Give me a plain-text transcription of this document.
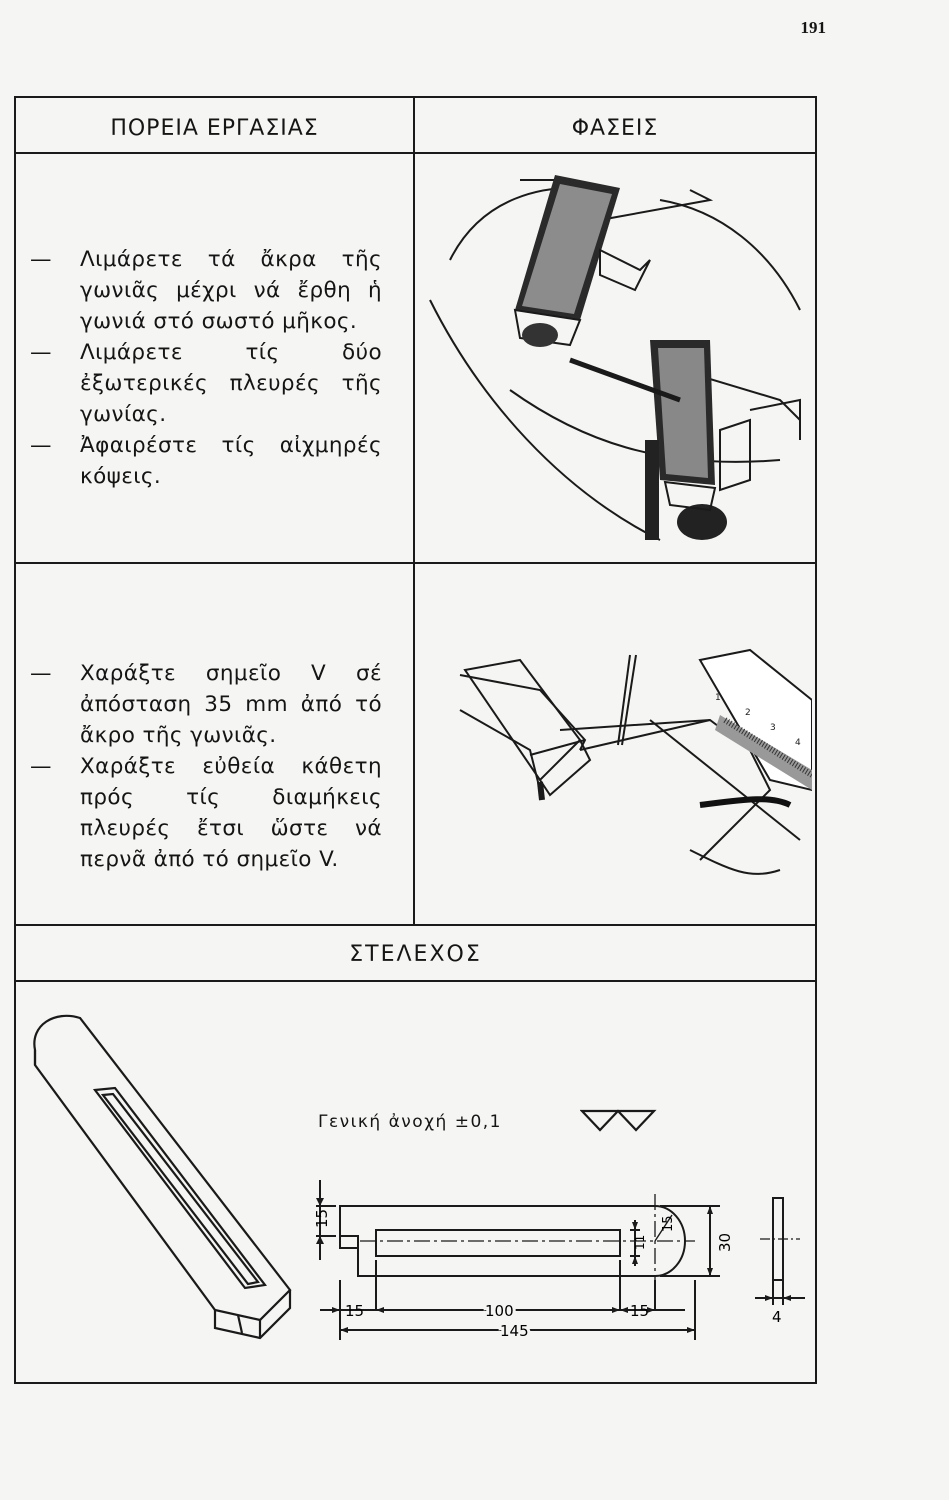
191
ΠΟΡΕΙΑ ΕΡΓΑΣΙΑΣ	ΦΑΣΕΙΣ
— Λιμάρετε τά ἄκρα τῆς γωνιᾶς μέχρι νά ἔρθη ἡ γωνιά στό σωστό μῆκος.
— Λιμάρετε τίς δύο ἐξωτερικές πλευρές τῆς γωνίας.
— Ἀφαιρέστε τίς αἰχμηρές κόψεις.
— Χαράξτε σημεῖο V σέ ἀπόσταση 35 mm ἀπό τό ἄκρο τῆς γωνιᾶς.
— Χαράξτε εὐθεία κάθετη πρός τίς διαμήκεις πλευρές ἔτσι ὥστε νά περνᾶ ἀπό τό σημεῖο V.
ΣΤΕΛΕΧΟΣ
1
2
3
4
Γενική ἀνοχή ±0,1
15
11
15
30
15	100	15
145
4
